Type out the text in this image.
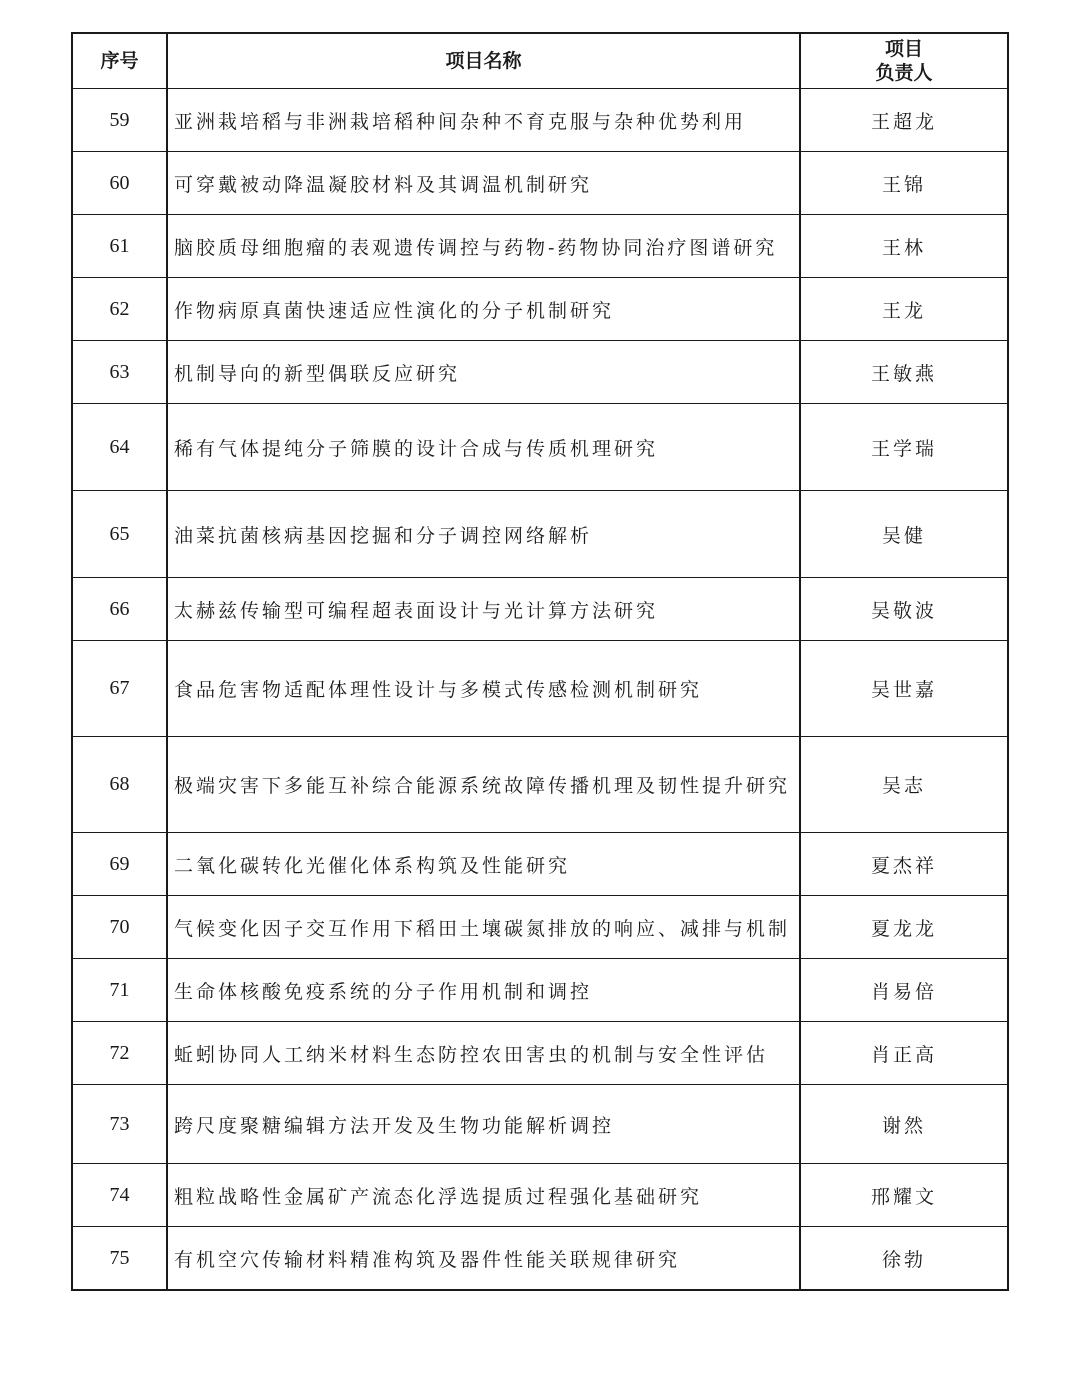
序号	项目名称	项目
负责人

59	亚洲栽培稻与非洲栽培稻种间杂种不育克服与杂种优势利用	王超龙
60	可穿戴被动降温凝胶材料及其调温机制研究	王锦
61	脑胶质母细胞瘤的表观遗传调控与药物-药物协同治疗图谱研究	王林
62	作物病原真菌快速适应性演化的分子机制研究	王龙
63	机制导向的新型偶联反应研究	王敏燕
64	稀有气体提纯分子筛膜的设计合成与传质机理研究	王学瑞
65	油菜抗菌核病基因挖掘和分子调控网络解析	吴健
66	太赫兹传输型可编程超表面设计与光计算方法研究	吴敬波
67	食品危害物适配体理性设计与多模式传感检测机制研究	吴世嘉
68	极端灾害下多能互补综合能源系统故障传播机理及韧性提升研究	吴志
69	二氧化碳转化光催化体系构筑及性能研究	夏杰祥
70	气候变化因子交互作用下稻田土壤碳氮排放的响应、减排与机制	夏龙龙
71	生命体核酸免疫系统的分子作用机制和调控	肖易倍
72	蚯蚓协同人工纳米材料生态防控农田害虫的机制与安全性评估	肖正高
73	跨尺度聚糖编辑方法开发及生物功能解析调控	谢然
74	粗粒战略性金属矿产流态化浮选提质过程强化基础研究	邢耀文
75	有机空穴传输材料精准构筑及器件性能关联规律研究	徐勃
